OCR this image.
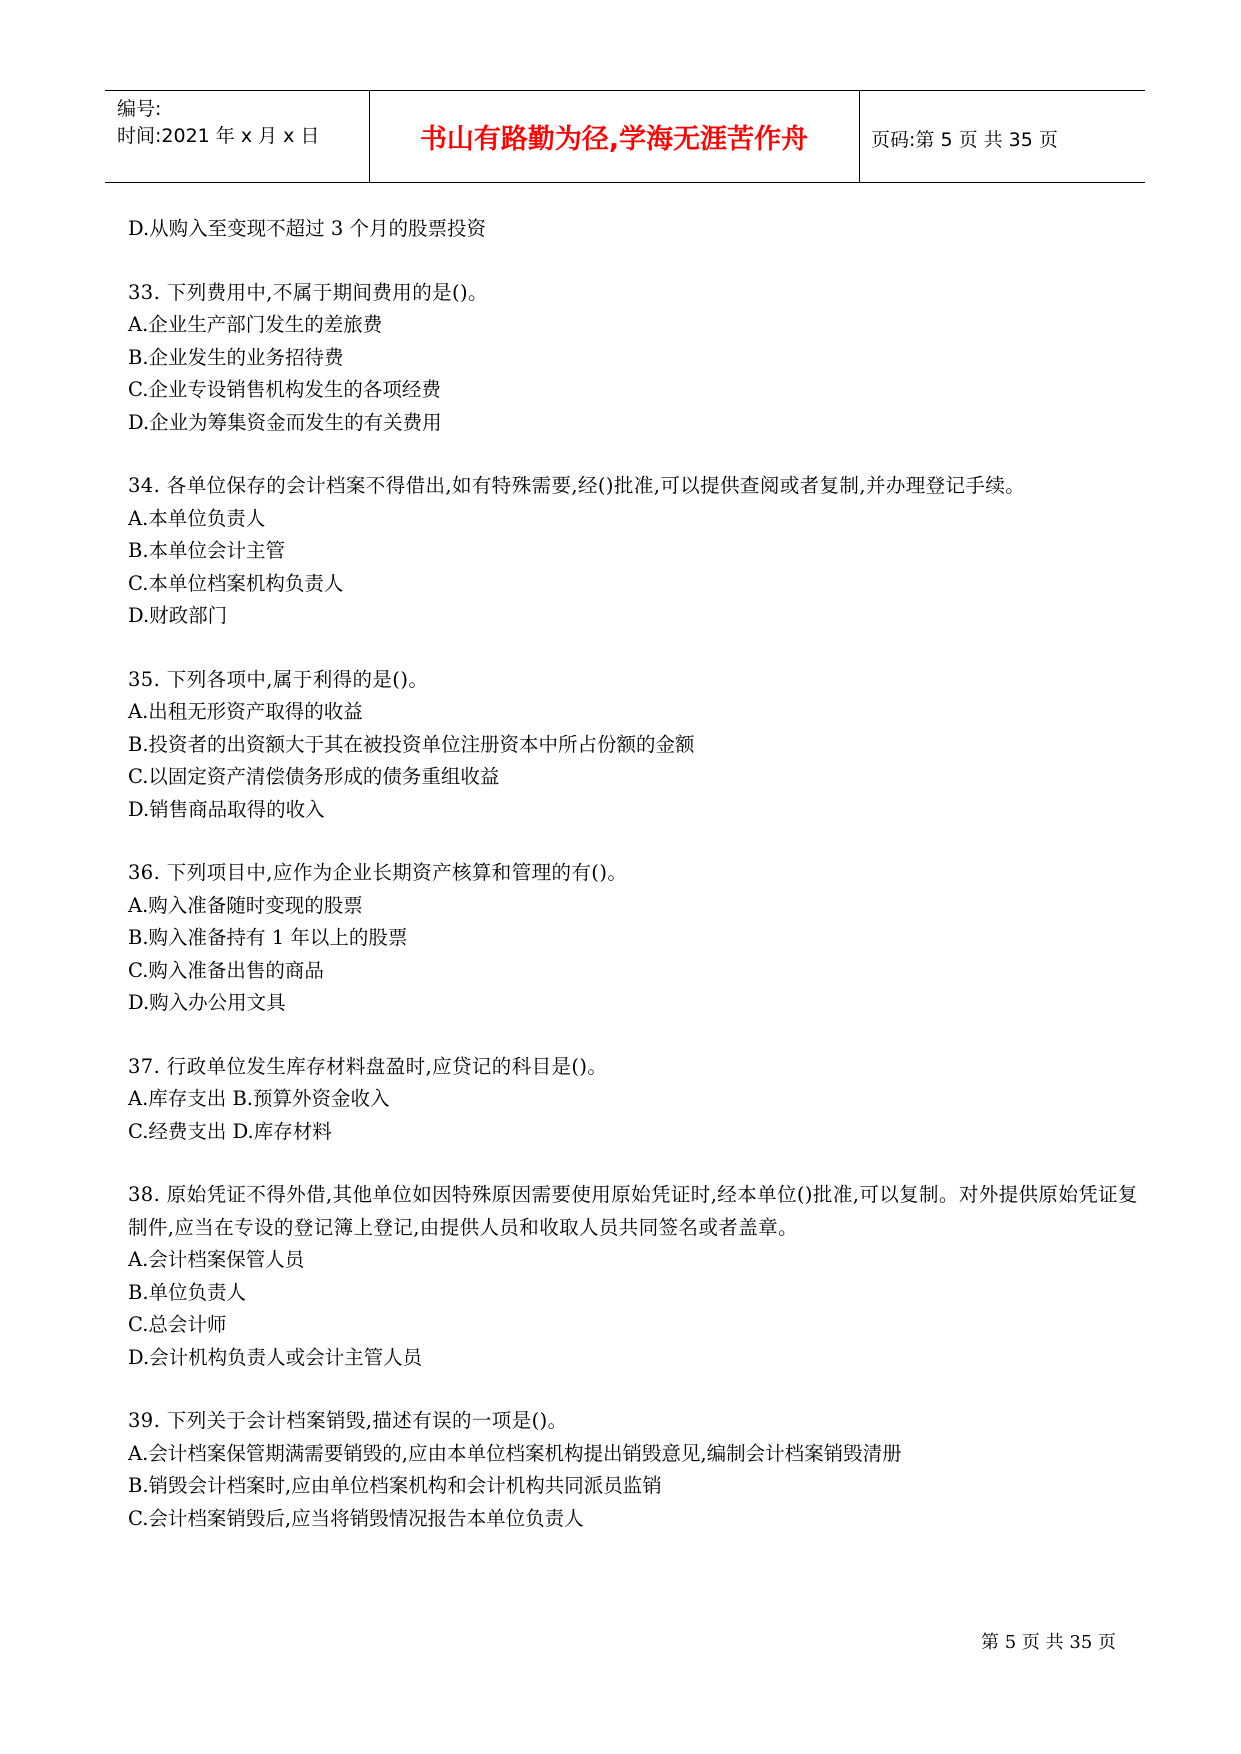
编号:
时间:2021 年 x 月 x 日	书山有路勤为径,学海无涯苦作舟	页码:第 5 页 共 35 页
D.从购入至变现不超过 3 个月的股票投资
33. 下列费用中,不属于期间费用的是()。
A.企业生产部门发生的差旅费
B.企业发生的业务招待费
C.企业专设销售机构发生的各项经费
D.企业为筹集资金而发生的有关费用
34. 各单位保存的会计档案不得借出,如有特殊需要,经()批准,可以提供查阅或者复制,并办理登记手续。
A.本单位负责人
B.本单位会计主管
C.本单位档案机构负责人
D.财政部门
35. 下列各项中,属于利得的是()。
A.出租无形资产取得的收益
B.投资者的出资额大于其在被投资单位注册资本中所占份额的金额
C.以固定资产清偿债务形成的债务重组收益
D.销售商品取得的收入
36. 下列项目中,应作为企业长期资产核算和管理的有()。
A.购入准备随时变现的股票
B.购入准备持有 1 年以上的股票
C.购入准备出售的商品
D.购入办公用文具
37. 行政单位发生库存材料盘盈时,应贷记的科目是()。
A.库存支出 B.预算外资金收入
C.经费支出 D.库存材料
38. 原始凭证不得外借,其他单位如因特殊原因需要使用原始凭证时,经本单位()批准,可以复制。对外提供原始凭证复制件,应当在专设的登记簿上登记,由提供人员和收取人员共同签名或者盖章。
A.会计档案保管人员
B.单位负责人
C.总会计师
D.会计机构负责人或会计主管人员
39. 下列关于会计档案销毁,描述有误的一项是()。
A.会计档案保管期满需要销毁的,应由本单位档案机构提出销毁意见,编制会计档案销毁清册
B.销毁会计档案时,应由单位档案机构和会计机构共同派员监销
C.会计档案销毁后,应当将销毁情况报告本单位负责人
第 5 页 共 35 页
